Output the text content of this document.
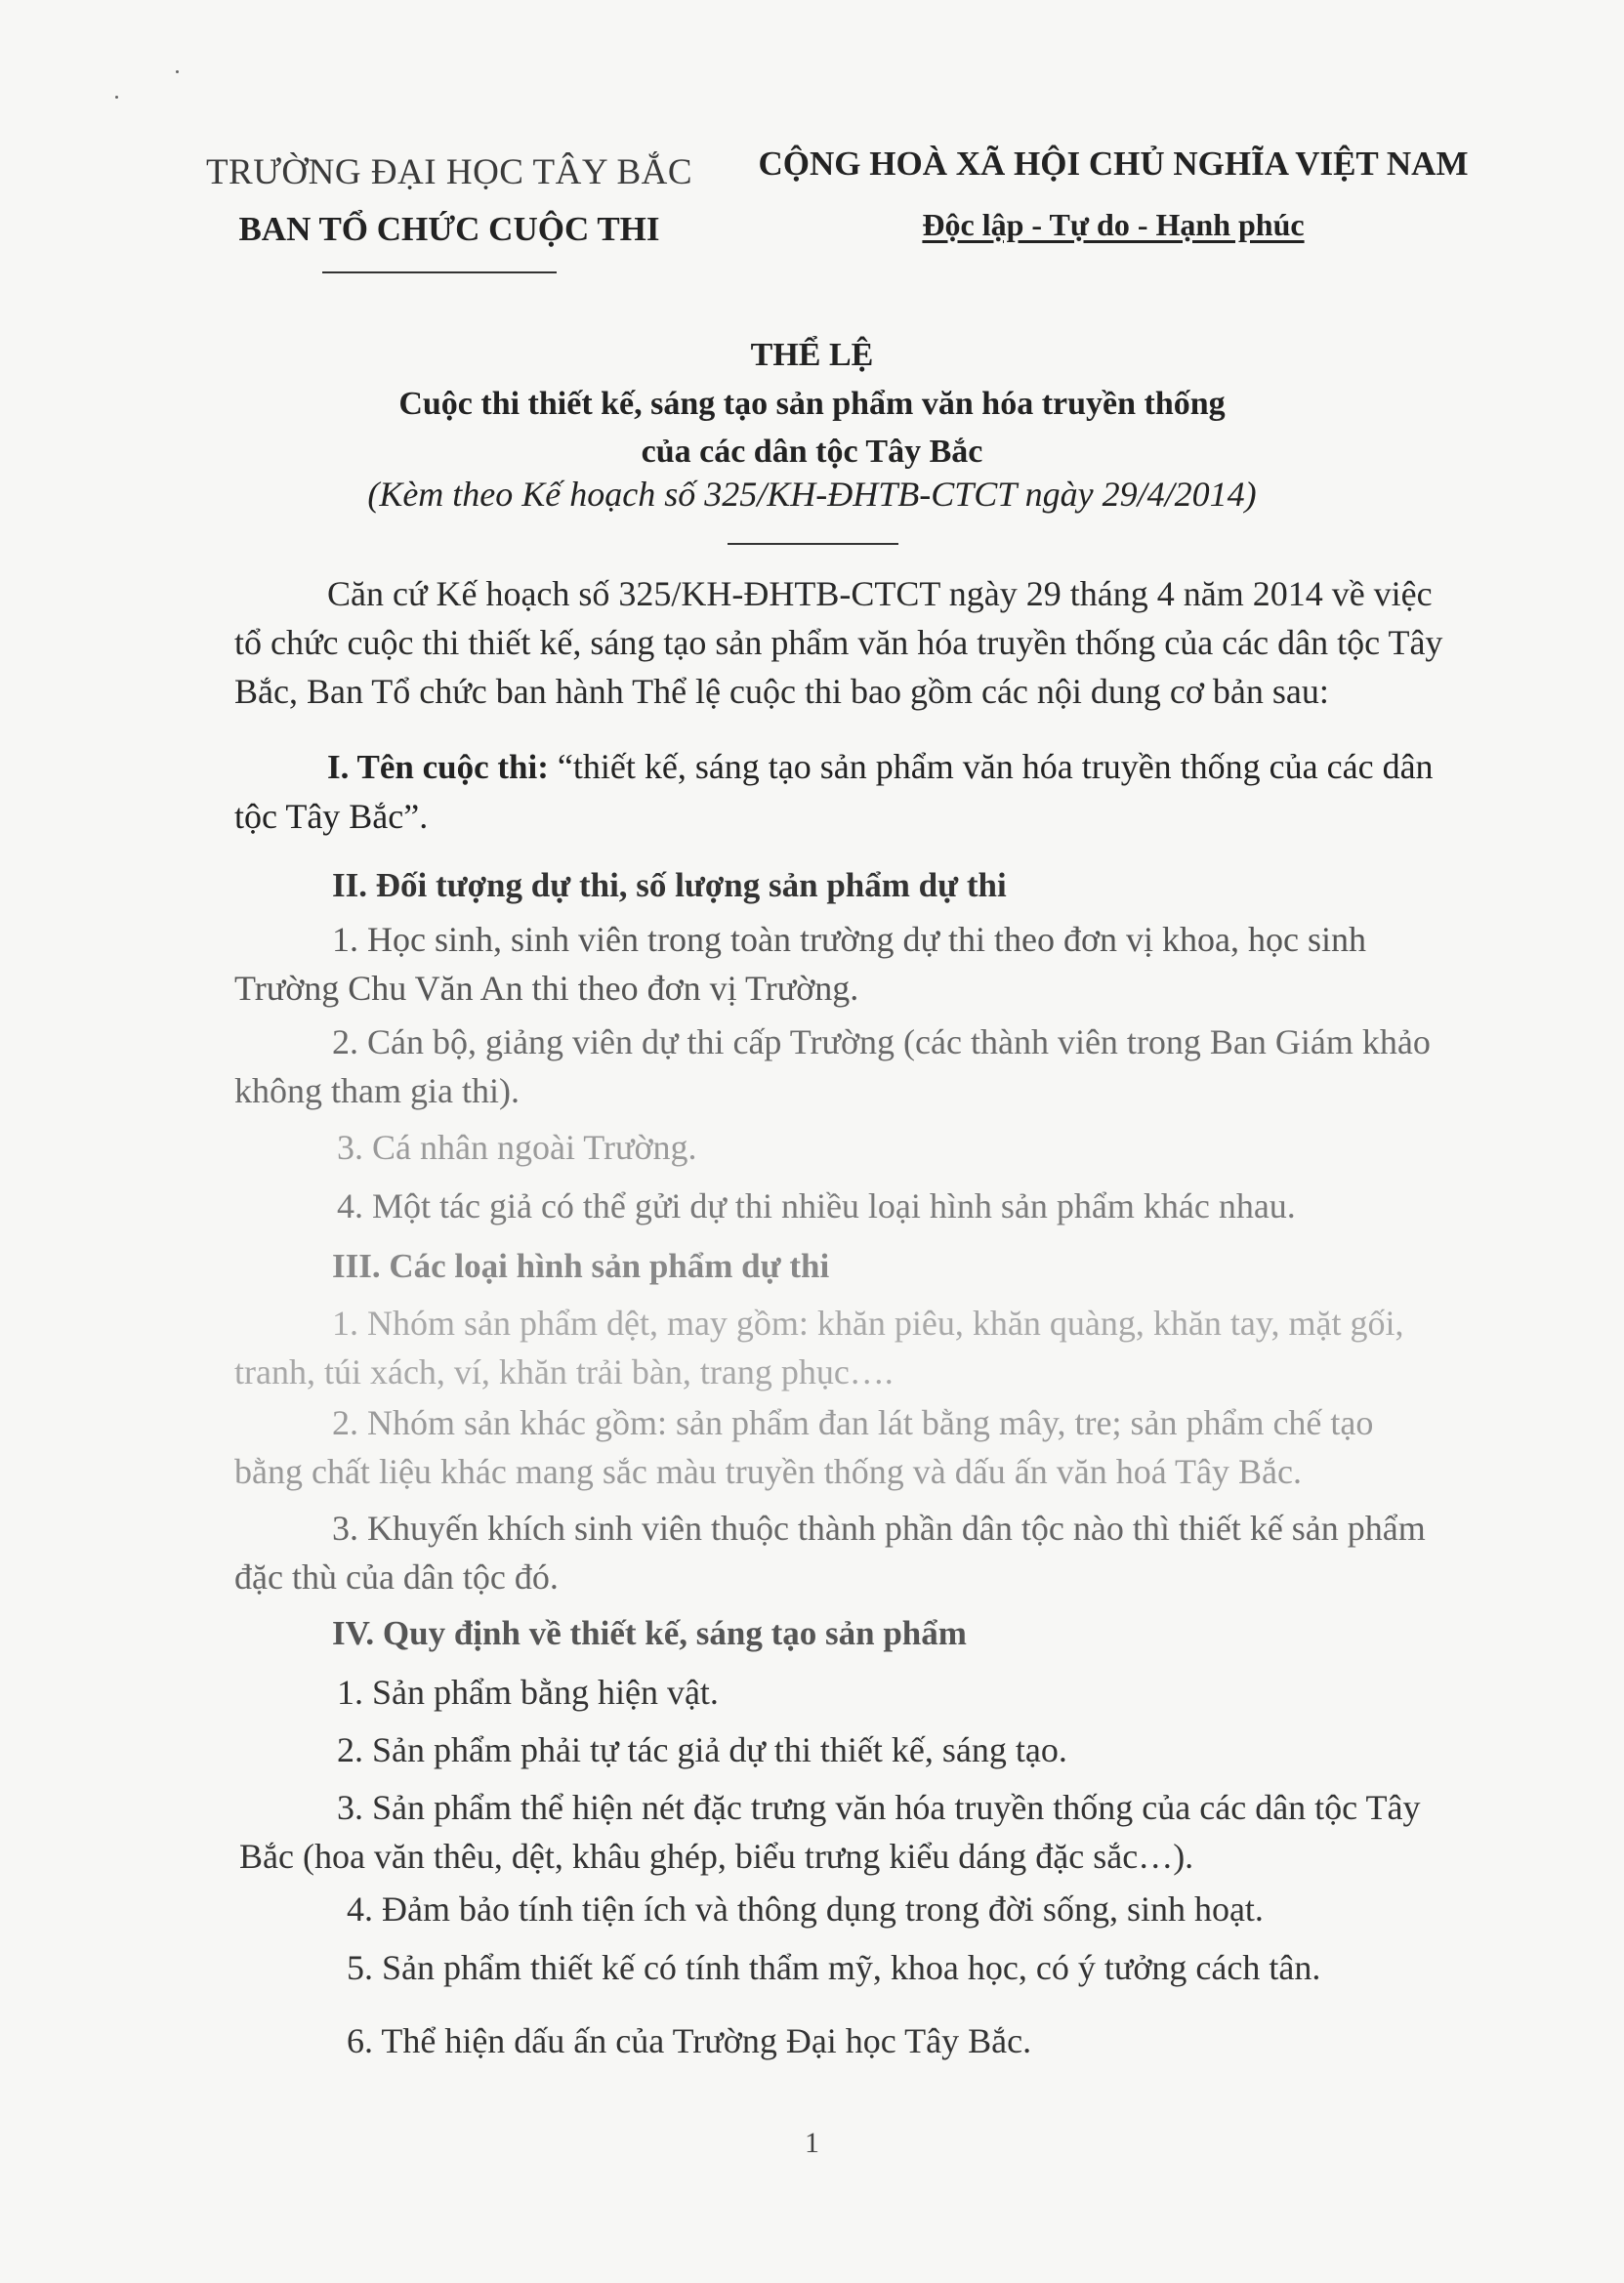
TRƯỜNG ĐẠI HỌC TÂY BẮC
BAN TỔ CHỨC CUỘC THI
CỘNG HOÀ XÃ HỘI CHỦ NGHĨA VIỆT NAM
Độc lập - Tự do - Hạnh phúc
THỂ LỆ
Cuộc thi thiết kế, sáng tạo sản phẩm văn hóa truyền thống
của các dân tộc Tây Bắc
(Kèm theo Kế hoạch số 325/KH-ĐHTB-CTCT ngày 29/4/2014)
Căn cứ Kế hoạch số 325/KH-ĐHTB-CTCT ngày 29 tháng 4 năm 2014 về việc tổ chức cuộc thi thiết kế, sáng tạo sản phẩm văn hóa truyền thống của các dân tộc Tây Bắc, Ban Tổ chức ban hành Thể lệ cuộc thi bao gồm các nội dung cơ bản sau:
I. Tên cuộc thi: “thiết kế, sáng tạo sản phẩm văn hóa truyền thống của các dân tộc Tây Bắc”.
II. Đối tượng dự thi, số lượng sản phẩm dự thi
1. Học sinh, sinh viên trong toàn trường dự thi theo đơn vị khoa, học sinh Trường Chu Văn An thi theo đơn vị Trường.
2. Cán bộ, giảng viên dự thi cấp Trường (các thành viên trong Ban Giám khảo không tham gia thi).
3. Cá nhân ngoài Trường.
4. Một tác giả có thể gửi dự thi nhiều loại hình sản phẩm khác nhau.
III. Các loại hình sản phẩm dự thi
1. Nhóm sản phẩm dệt, may gồm: khăn piêu, khăn quàng, khăn tay, mặt gối, tranh, túi xách, ví, khăn trải bàn, trang phục….
2. Nhóm sản khác gồm: sản phẩm đan lát bằng mây, tre; sản phẩm chế tạo bằng chất liệu khác mang sắc màu truyền thống và dấu ấn văn hoá Tây Bắc.
3. Khuyến khích sinh viên thuộc thành phần dân tộc nào thì thiết kế sản phẩm đặc thù của dân tộc đó.
IV. Quy định về thiết kế, sáng tạo sản phẩm
1. Sản phẩm bằng hiện vật.
2. Sản phẩm phải tự tác giả dự thi thiết kế, sáng tạo.
3. Sản phẩm thể hiện nét đặc trưng văn hóa truyền thống của các dân tộc Tây Bắc (hoa văn thêu, dệt, khâu ghép, biểu trưng kiểu dáng đặc sắc…).
4. Đảm bảo tính tiện ích và thông dụng trong đời sống, sinh hoạt.
5. Sản phẩm thiết kế có tính thẩm mỹ, khoa học, có ý tưởng cách tân.
6. Thể hiện dấu ấn của Trường Đại học Tây Bắc.
1
